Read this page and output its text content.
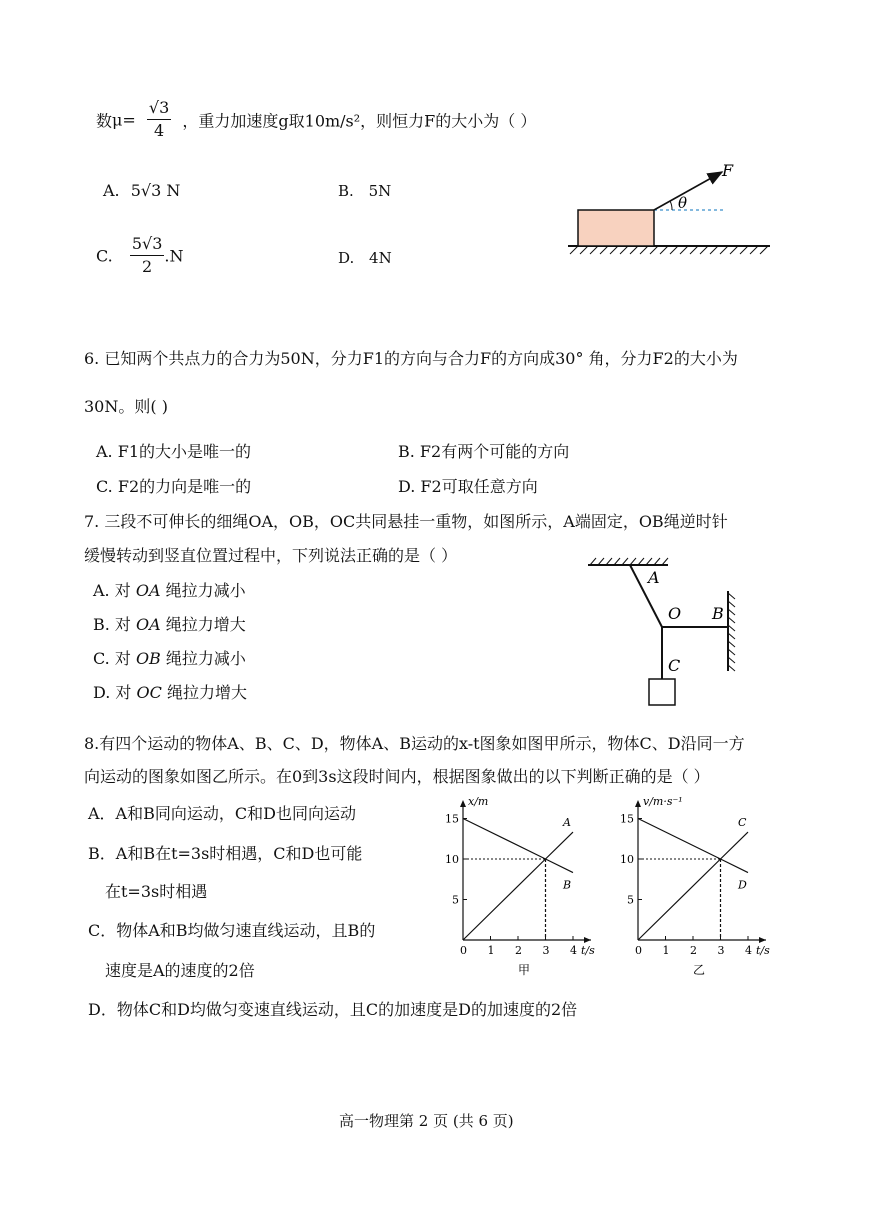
数$\mu= \frac{√3}{4}$ ，重力加速度g取10m/s²，则恒力F的大小为（ ）
A. 5√3 N	B. 5N
C. $\frac{5√3}{2} .N$	D. 4N
F
θ
6. 已知两个共点力的合力为50N，分力F1的方向与合力F的方向成30° 角，分力F2的大小为
30N。则( )
A. F1的大小是唯一的	B. F2有两个可能的方向
C. F2的力向是唯一的	D. F2可取任意方向
7. 三段不可伸长的细绳OA，OB，OC共同悬挂一重物，如图所示，A端固定，OB绳逆时针
缓慢转动到竖直位置过程中，下列说法正确的是（ ）
A. 对 OA 绳拉力减小
B. 对 OA 绳拉力增大
C. 对 OB 绳拉力减小
D. 对 OC 绳拉力增大
A
O B
C
8.有四个运动的物体A、B、C、D，物体A、B运动的x-t图象如图甲所示，物体C、D沿同一方
向运动的图象如图乙所示。在0到3s这段时间内，根据图象做出的以下判断正确的是（ ）
A．A和B同向运动，C和D也同向运动
B．A和B在t=3s时相遇，C和D也可能
在t=3s时相遇
C．物体A和B均做匀速直线运动，且B的
速度是A的速度的2倍
D．物体C和D均做匀变速直线运动，且C的加速度是D的加速度的2倍
0 1 2 3 4
5
10
15
x/m
t/s
A
B
甲
0 1 2 3 4
5
10
15
v/m·s⁻¹
t/s
C
D
乙
高一物理第 2 页 (共 6 页)
